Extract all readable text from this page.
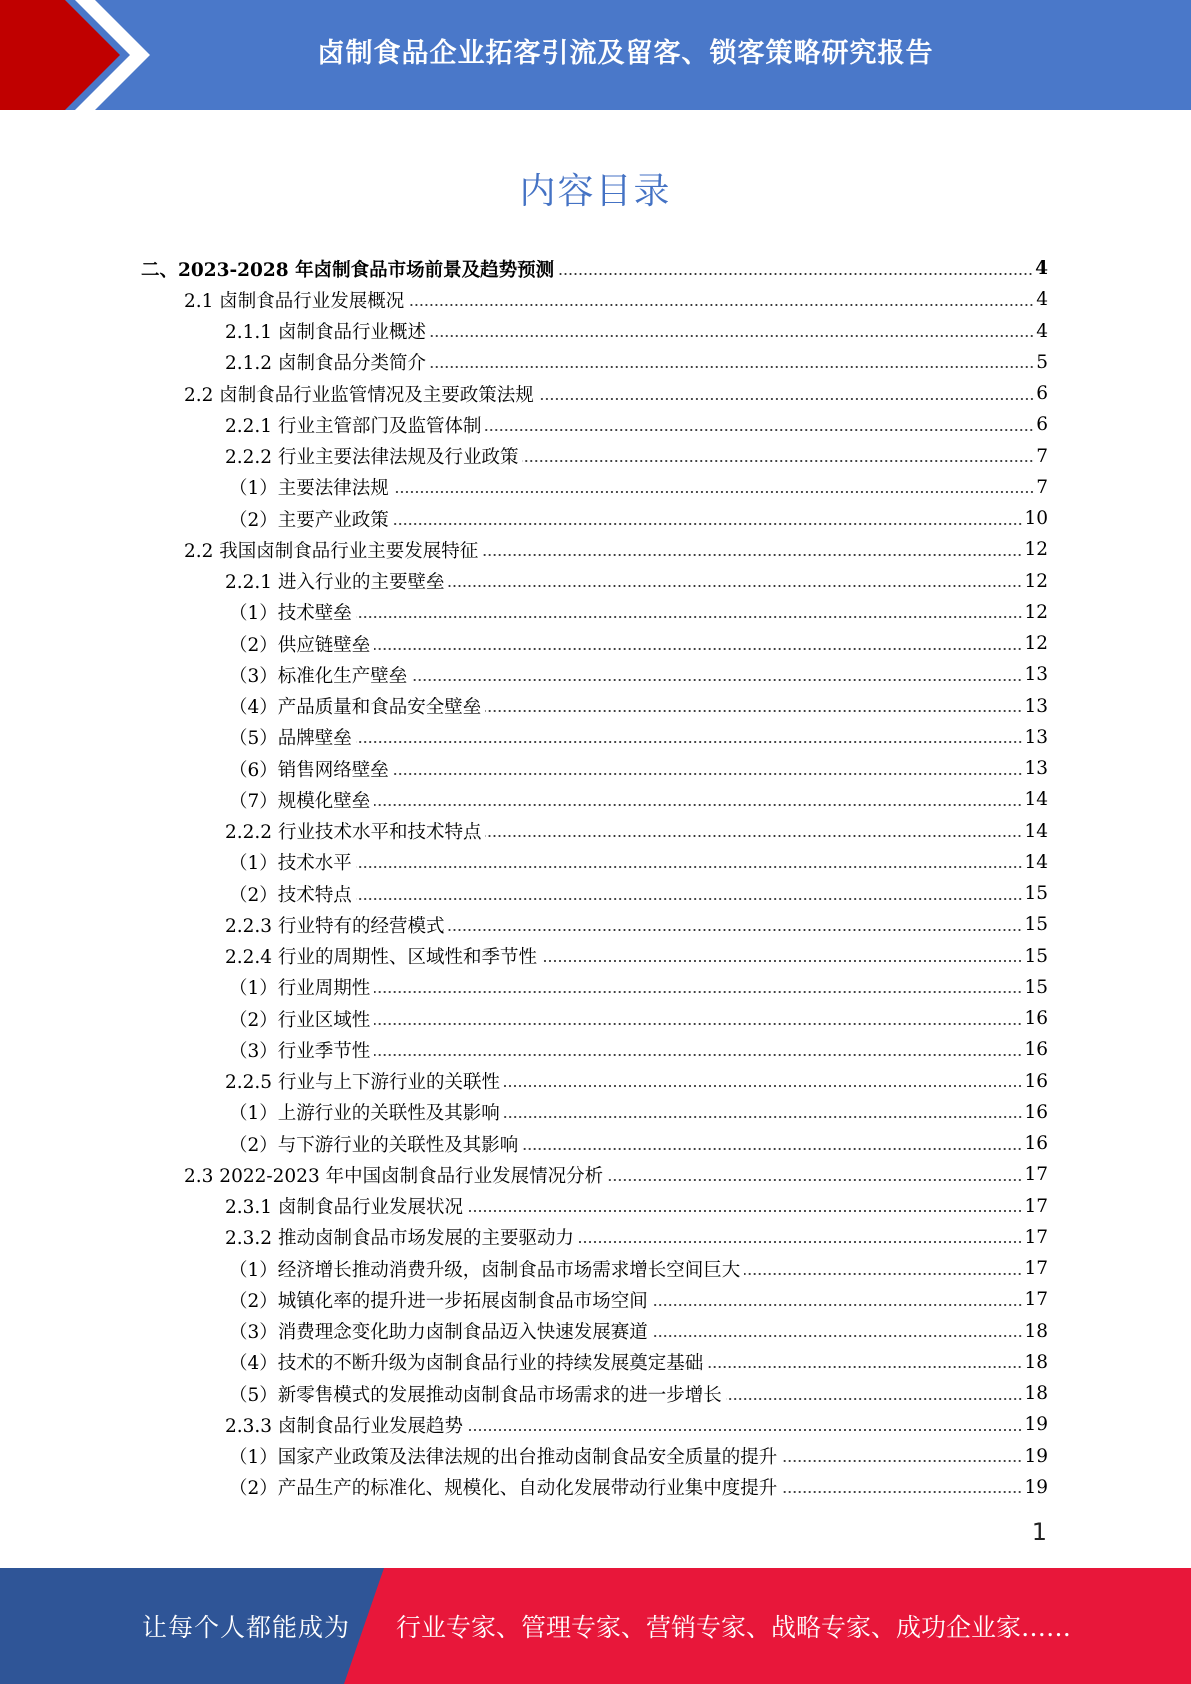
卤制食品企业拓客引流及留客、锁客策略研究报告
内容目录
二、2023-2028 年卤制食品市场前景及趋势预测	4
2.1 卤制食品行业发展概况	4
2.1.1 卤制食品行业概述	4
2.1.2 卤制食品分类简介	5
2.2 卤制食品行业监管情况及主要政策法规	6
2.2.1 行业主管部门及监管体制	6
2.2.2 行业主要法律法规及行业政策	7
（1）主要法律法规	7
（2）主要产业政策	10
2.2 我国卤制食品行业主要发展特征	12
2.2.1 进入行业的主要壁垒	12
（1）技术壁垒	12
（2）供应链壁垒	12
（3）标准化生产壁垒	13
（4）产品质量和食品安全壁垒	13
（5）品牌壁垒	13
（6）销售网络壁垒	13
（7）规模化壁垒	14
2.2.2 行业技术水平和技术特点	14
（1）技术水平	14
（2）技术特点	15
2.2.3 行业特有的经营模式	15
2.2.4 行业的周期性、区域性和季节性	15
（1）行业周期性	15
（2）行业区域性	16
（3）行业季节性	16
2.2.5 行业与上下游行业的关联性	16
（1）上游行业的关联性及其影响	16
（2）与下游行业的关联性及其影响	16
2.3 2022-2023 年中国卤制食品行业发展情况分析	17
2.3.1 卤制食品行业发展状况	17
2.3.2 推动卤制食品市场发展的主要驱动力	17
（1）经济增长推动消费升级，卤制食品市场需求增长空间巨大	17
（2）城镇化率的提升进一步拓展卤制食品市场空间	17
（3）消费理念变化助力卤制食品迈入快速发展赛道	18
（4）技术的不断升级为卤制食品行业的持续发展奠定基础	18
（5）新零售模式的发展推动卤制食品市场需求的进一步增长	18
2.3.3 卤制食品行业发展趋势	19
（1）国家产业政策及法律法规的出台推动卤制食品安全质量的提升	19
（2）产品生产的标准化、规模化、自动化发展带动行业集中度提升	19
1
让每个人都能成为 行业专家、管理专家、营销专家、战略专家、成功企业家……
